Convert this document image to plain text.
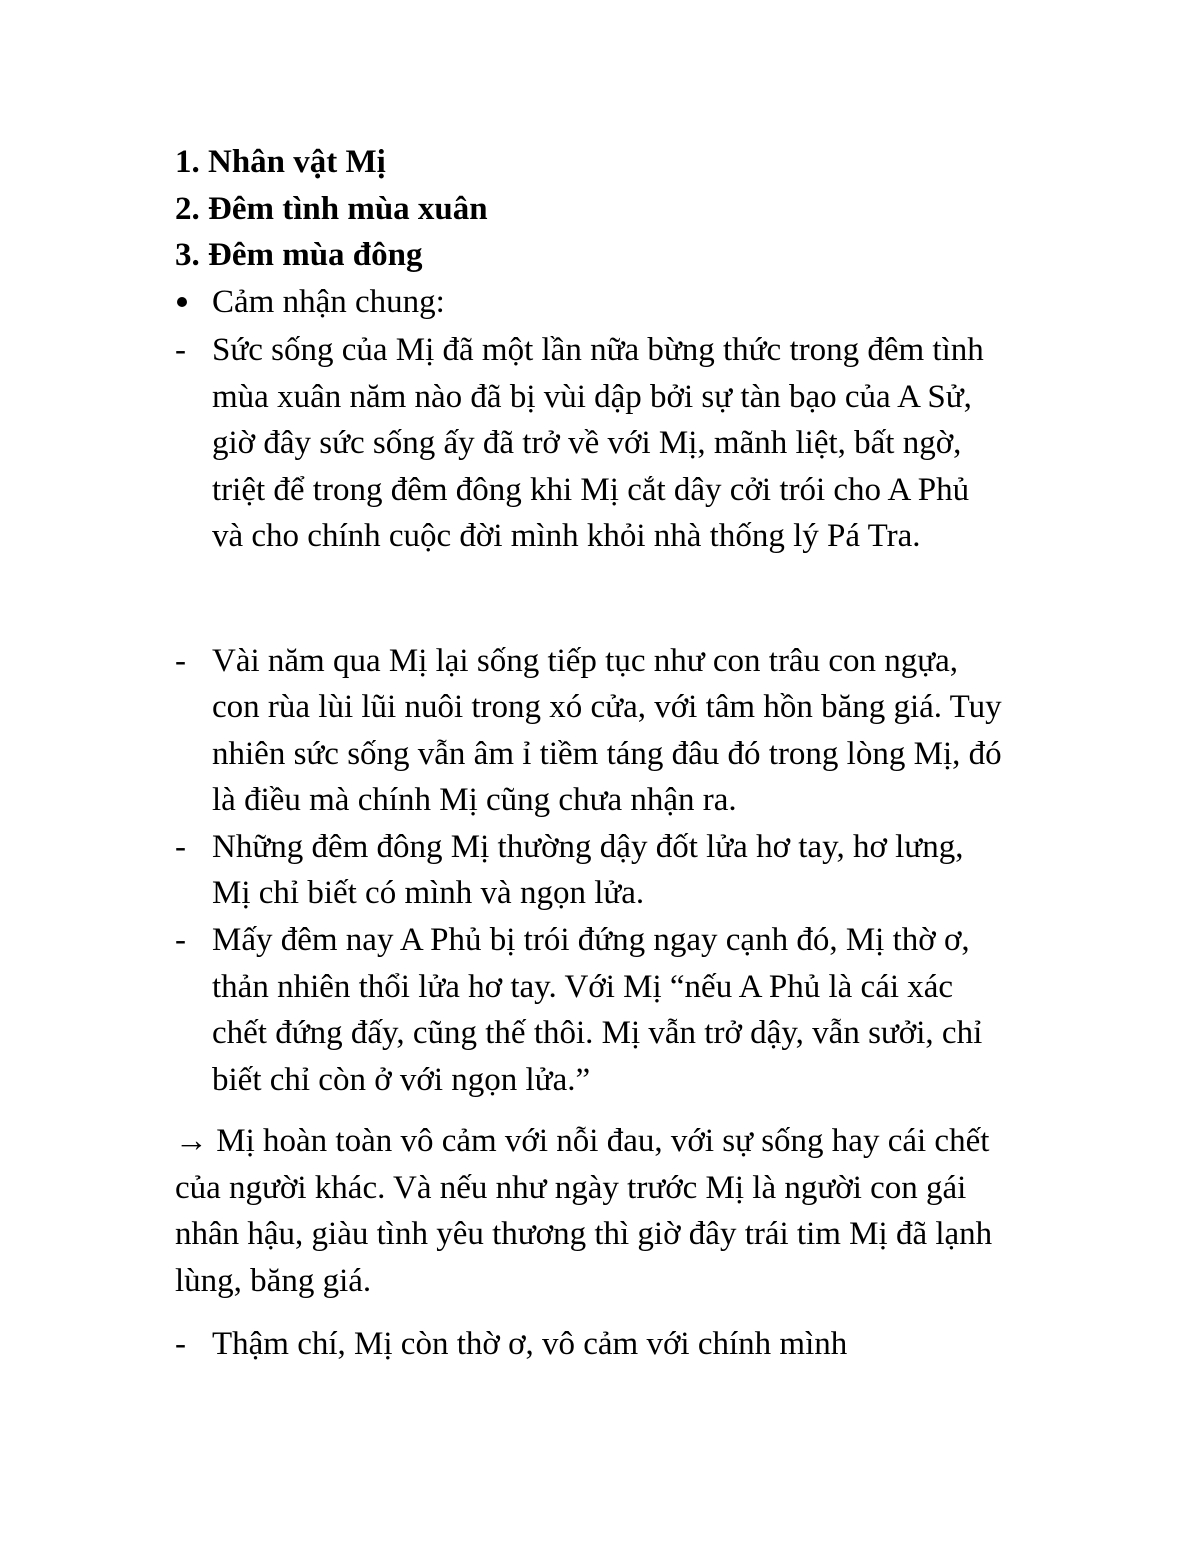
1. Nhân vật Mị
2. Đêm tình mùa xuân
3. Đêm mùa đông
Cảm nhận chung:
- Sức sống của Mị đã một lần nữa bừng thức trong đêm tình
mùa xuân năm nào đã bị vùi dập bởi sự tàn bạo của A Sử,
giờ đây sức sống ấy đã trở về với Mị, mãnh liệt, bất ngờ,
triệt để trong đêm đông khi Mị cắt dây cởi trói cho A Phủ
và cho chính cuộc đời mình khỏi nhà thống lý Pá Tra.
- Vài năm qua Mị lại sống tiếp tục như con trâu con ngựa,
con rùa lùi lũi nuôi trong xó cửa, với tâm hồn băng giá. Tuy
nhiên sức sống vẫn âm ỉ tiềm táng đâu đó trong lòng Mị, đó
là điều mà chính Mị cũng chưa nhận ra.
- Những đêm đông Mị thường dậy đốt lửa hơ tay, hơ lưng,
Mị chỉ biết có mình và ngọn lửa.
- Mấy đêm nay A Phủ bị trói đứng ngay cạnh đó, Mị thờ ơ,
thản nhiên thổi lửa hơ tay. Với Mị “nếu A Phủ là cái xác
chết đứng đấy, cũng thế thôi. Mị vẫn trở dậy, vẫn sưởi, chỉ
biết chỉ còn ở với ngọn lửa.”
→ Mị hoàn toàn vô cảm với nỗi đau, với sự sống hay cái chết
của người khác. Và nếu như ngày trước Mị là người con gái
nhân hậu, giàu tình yêu thương thì giờ đây trái tim Mị đã lạnh
lùng, băng giá.
- Thậm chí, Mị còn thờ ơ, vô cảm với chính mình
